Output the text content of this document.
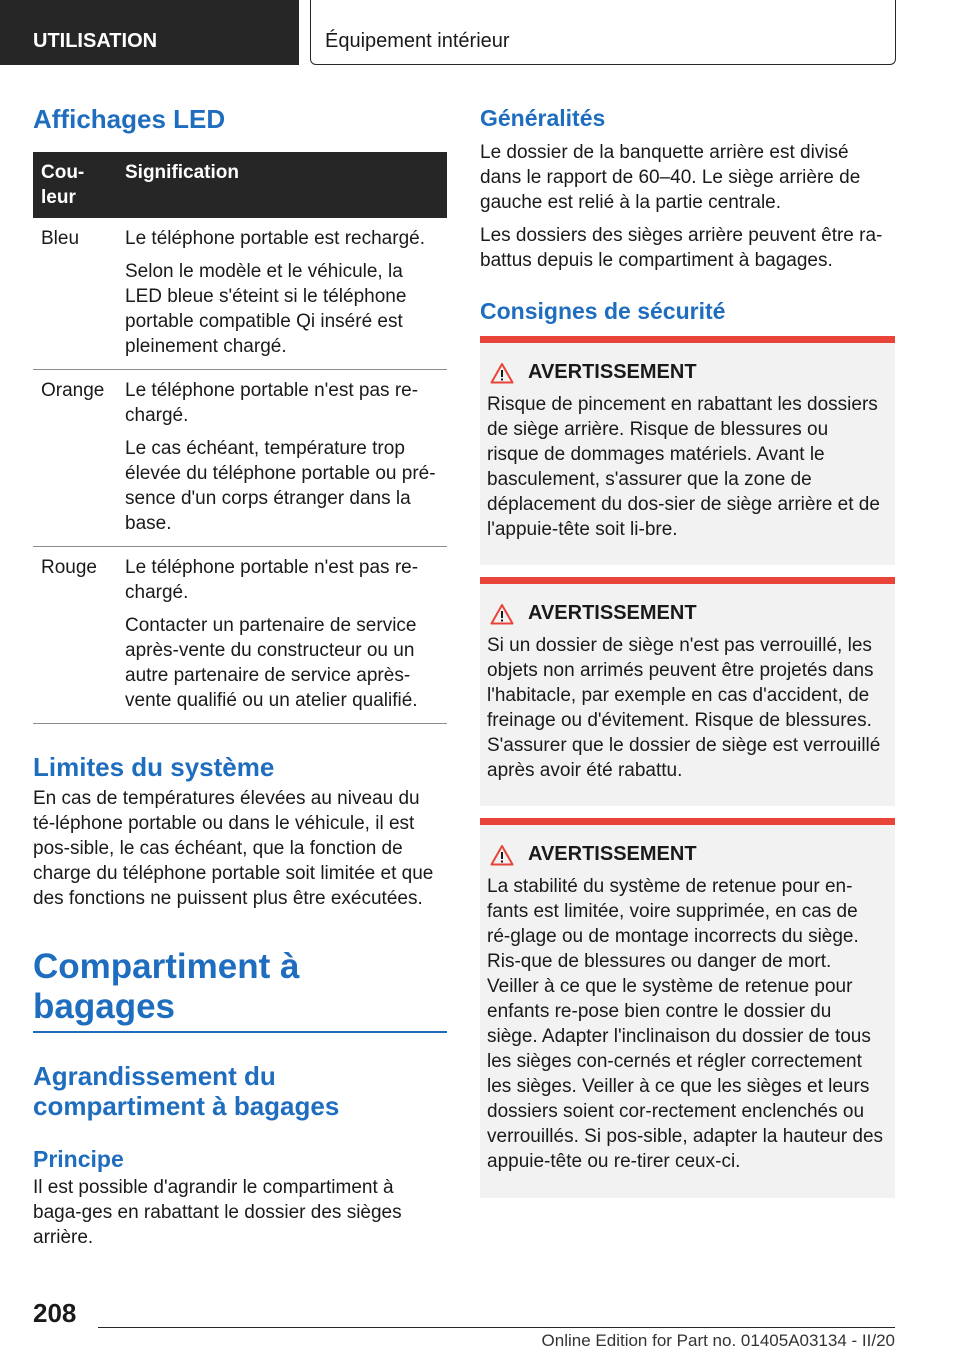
UTILISATION	Équipement intérieur
Affichages LED
Cou-
leur	Signification
Bleu	Le téléphone portable est rechargé.

Selon le modèle et le véhicule, la LED bleue s'éteint si le téléphone portable compatible Qi inséré est pleinement chargé.

Orange	Le téléphone portable n'est pas re-chargé.

Le cas échéant, température trop élevée du téléphone portable ou pré-sence d'un corps étranger dans la base.

Rouge	Le téléphone portable n'est pas re-chargé.

Contacter un partenaire de service après-vente du constructeur ou un autre partenaire de service après-vente qualifié ou un atelier qualifié.

Limites du système

En cas de températures élevées au niveau du té-léphone portable ou dans le véhicule, il est pos-sible, le cas échéant, que la fonction de charge du téléphone portable soit limitée et que des fonctions ne puissent plus être exécutées.

Compartiment à bagages
Agrandissement du compartiment à bagages
Principe

Il est possible d'agrandir le compartiment à baga-ges en rabattant le dossier des sièges arrière.

Généralités

Le dossier de la banquette arrière est divisé dans le rapport de 60–40. Le siège arrière de gauche est relié à la partie centrale.

Les dossiers des sièges arrière peuvent être ra-battus depuis le compartiment à bagages.

Consignes de sécurité
AVERTISSEMENT

Risque de pincement en rabattant les dossiers de siège arrière. Risque de blessures ou risque de dommages matériels. Avant le basculement, s'assurer que la zone de déplacement du dos-sier de siège arrière et de l'appuie-tête soit li-bre.

AVERTISSEMENT

Si un dossier de siège n'est pas verrouillé, les objets non arrimés peuvent être projetés dans l'habitacle, par exemple en cas d'accident, de freinage ou d'évitement. Risque de blessures. S'assurer que le dossier de siège est verrouillé après avoir été rabattu.

AVERTISSEMENT

La stabilité du système de retenue pour en-fants est limitée, voire supprimée, en cas de ré-glage ou de montage incorrects du siège. Ris-que de blessures ou danger de mort. Veiller à ce que le système de retenue pour enfants re-pose bien contre le dossier du siège. Adapter l'inclinaison du dossier de tous les sièges con-cernés et régler correctement les sièges. Veiller à ce que les sièges et leurs dossiers soient cor-rectement enclenchés ou verrouillés. Si pos-sible, adapter la hauteur des appuie-tête ou re-tirer ceux-ci.

208
Online Edition for Part no. 01405A03134 - II/20
